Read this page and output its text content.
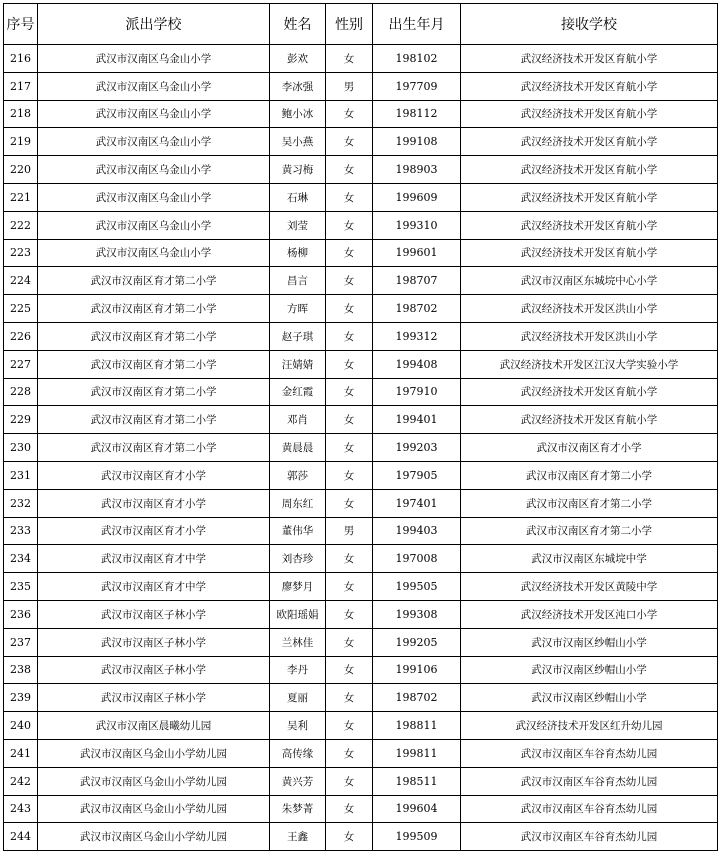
序号	派出学校	姓名	性别	出生年月	接收学校
216	武汉市汉南区乌金山小学	彭欢	女	198102	武汉经济技术开发区育航小学
217	武汉市汉南区乌金山小学	李冰强	男	197709	武汉经济技术开发区育航小学
218	武汉市汉南区乌金山小学	鲍小冰	女	198112	武汉经济技术开发区育航小学
219	武汉市汉南区乌金山小学	吴小燕	女	199108	武汉经济技术开发区育航小学
220	武汉市汉南区乌金山小学	黄习梅	女	198903	武汉经济技术开发区育航小学
221	武汉市汉南区乌金山小学	石琳	女	199609	武汉经济技术开发区育航小学
222	武汉市汉南区乌金山小学	刘莹	女	199310	武汉经济技术开发区育航小学
223	武汉市汉南区乌金山小学	杨柳	女	199601	武汉经济技术开发区育航小学
224	武汉市汉南区育才第二小学	昌言	女	198707	武汉市汉南区东城垸中心小学
225	武汉市汉南区育才第二小学	方晖	女	198702	武汉经济技术开发区洪山小学
226	武汉市汉南区育才第二小学	赵子琪	女	199312	武汉经济技术开发区洪山小学
227	武汉市汉南区育才第二小学	汪婧婧	女	199408	武汉经济技术开发区江汉大学实验小学
228	武汉市汉南区育才第二小学	金红霞	女	197910	武汉经济技术开发区育航小学
229	武汉市汉南区育才第二小学	邓肖	女	199401	武汉经济技术开发区育航小学
230	武汉市汉南区育才第二小学	黄晨晨	女	199203	武汉市汉南区育才小学
231	武汉市汉南区育才小学	郭莎	女	197905	武汉市汉南区育才第二小学
232	武汉市汉南区育才小学	周东红	女	197401	武汉市汉南区育才第二小学
233	武汉市汉南区育才小学	董伟华	男	199403	武汉市汉南区育才第二小学
234	武汉市汉南区育才中学	刘杏珍	女	197008	武汉市汉南区东城垸中学
235	武汉市汉南区育才中学	廖梦月	女	199505	武汉经济技术开发区黄陵中学
236	武汉市汉南区子林小学	欧阳瑶娟	女	199308	武汉经济技术开发区沌口小学
237	武汉市汉南区子林小学	兰林佳	女	199205	武汉市汉南区纱帽山小学
238	武汉市汉南区子林小学	李丹	女	199106	武汉市汉南区纱帽山小学
239	武汉市汉南区子林小学	夏丽	女	198702	武汉市汉南区纱帽山小学
240	武汉市汉南区晨曦幼儿园	吴利	女	198811	武汉经济技术开发区红升幼儿园
241	武汉市汉南区乌金山小学幼儿园	高传缘	女	199811	武汉市汉南区车谷育杰幼儿园
242	武汉市汉南区乌金山小学幼儿园	黄兴芳	女	198511	武汉市汉南区车谷育杰幼儿园
243	武汉市汉南区乌金山小学幼儿园	朱梦菁	女	199604	武汉市汉南区车谷育杰幼儿园
244	武汉市汉南区乌金山小学幼儿园	王鑫	女	199509	武汉市汉南区车谷育杰幼儿园
